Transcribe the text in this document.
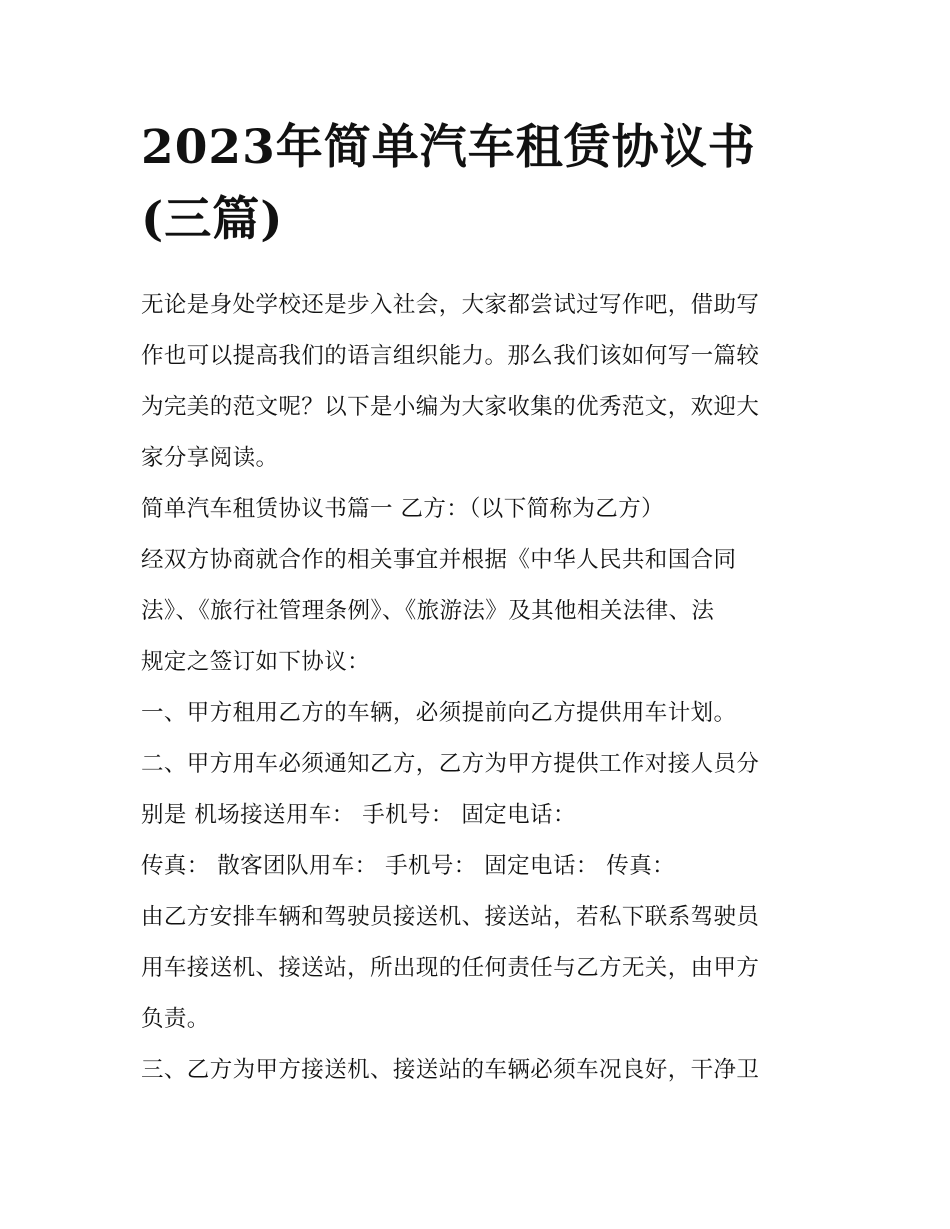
2023年简单汽车租赁协议书
(三篇)

无论是身处学校还是步入社会，大家都尝试过写作吧，借助写
作也可以提高我们的语言组织能力。那么我们该如何写一篇较
为完美的范文呢？以下是小编为大家收集的优秀范文，欢迎大
家分享阅读。

简单汽车租赁协议书篇一 乙方：（以下简称为乙方）

经双方协商就合作的相关事宜并根据《中华人民共和国合同
法》、《旅行社管理条例》、《旅游法》及其他相关法律、法
规定之签订如下协议：

一、甲方租用乙方的车辆，必须提前向乙方提供用车计划。

二、甲方用车必须通知乙方，乙方为甲方提供工作对接人员分
别是 机场接送用车： 手机号： 固定电话：

传真： 散客团队用车： 手机号： 固定电话： 传真：

由乙方安排车辆和驾驶员接送机、接送站，若私下联系驾驶员
用车接送机、接送站，所出现的任何责任与乙方无关，由甲方
负责。

三、乙方为甲方接送机、接送站的车辆必须车况良好，干净卫
